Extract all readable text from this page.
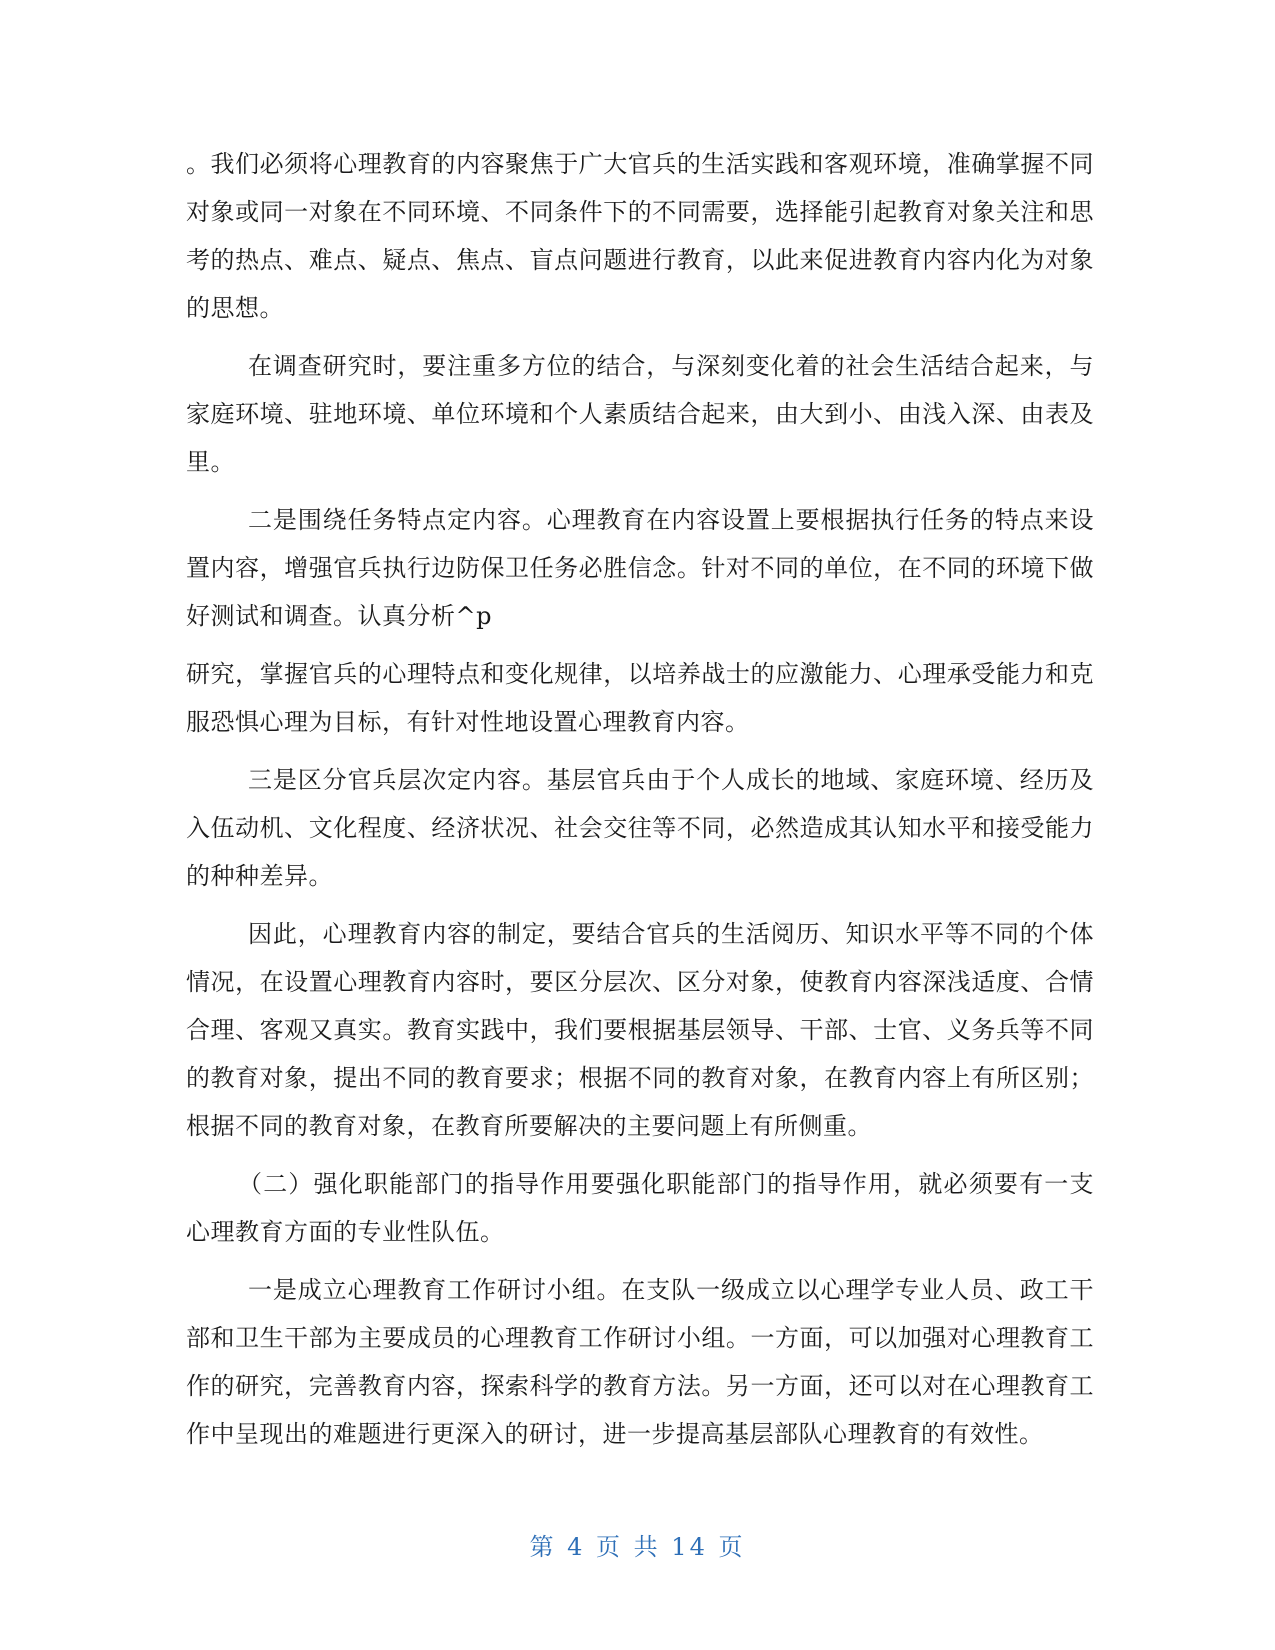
。我们必须将心理教育的内容聚焦于广大官兵的生活实践和客观环境，准确掌握不同对象或同一对象在不同环境、不同条件下的不同需要，选择能引起教育对象关注和思考的热点、难点、疑点、焦点、盲点问题进行教育，以此来促进教育内容内化为对象的思想。

在调查研究时，要注重多方位的结合，与深刻变化着的社会生活结合起来，与家庭环境、驻地环境、单位环境和个人素质结合起来，由大到小、由浅入深、由表及里。

二是围绕任务特点定内容。心理教育在内容设置上要根据执行任务的特点来设置内容，增强官兵执行边防保卫任务必胜信念。针对不同的单位，在不同的环境下做好测试和调查。认真分析^p

研究，掌握官兵的心理特点和变化规律，以培养战士的应激能力、心理承受能力和克服恐惧心理为目标，有针对性地设置心理教育内容。

三是区分官兵层次定内容。基层官兵由于个人成长的地域、家庭环境、经历及入伍动机、文化程度、经济状况、社会交往等不同，必然造成其认知水平和接受能力的种种差异。

因此，心理教育内容的制定，要结合官兵的生活阅历、知识水平等不同的个体情况，在设置心理教育内容时，要区分层次、区分对象，使教育内容深浅适度、合情合理、客观又真实。教育实践中，我们要根据基层领导、干部、士官、义务兵等不同的教育对象，提出不同的教育要求；根据不同的教育对象，在教育内容上有所区别；根据不同的教育对象，在教育所要解决的主要问题上有所侧重。

（二）强化职能部门的指导作用要强化职能部门的指导作用，就必须要有一支心理教育方面的专业性队伍。

一是成立心理教育工作研讨小组。在支队一级成立以心理学专业人员、政工干部和卫生干部为主要成员的心理教育工作研讨小组。一方面，可以加强对心理教育工作的研究，完善教育内容，探索科学的教育方法。另一方面，还可以对在心理教育工作中呈现出的难题进行更深入的研讨，进一步提高基层部队心理教育的有效性。

第 4 页 共 14 页
